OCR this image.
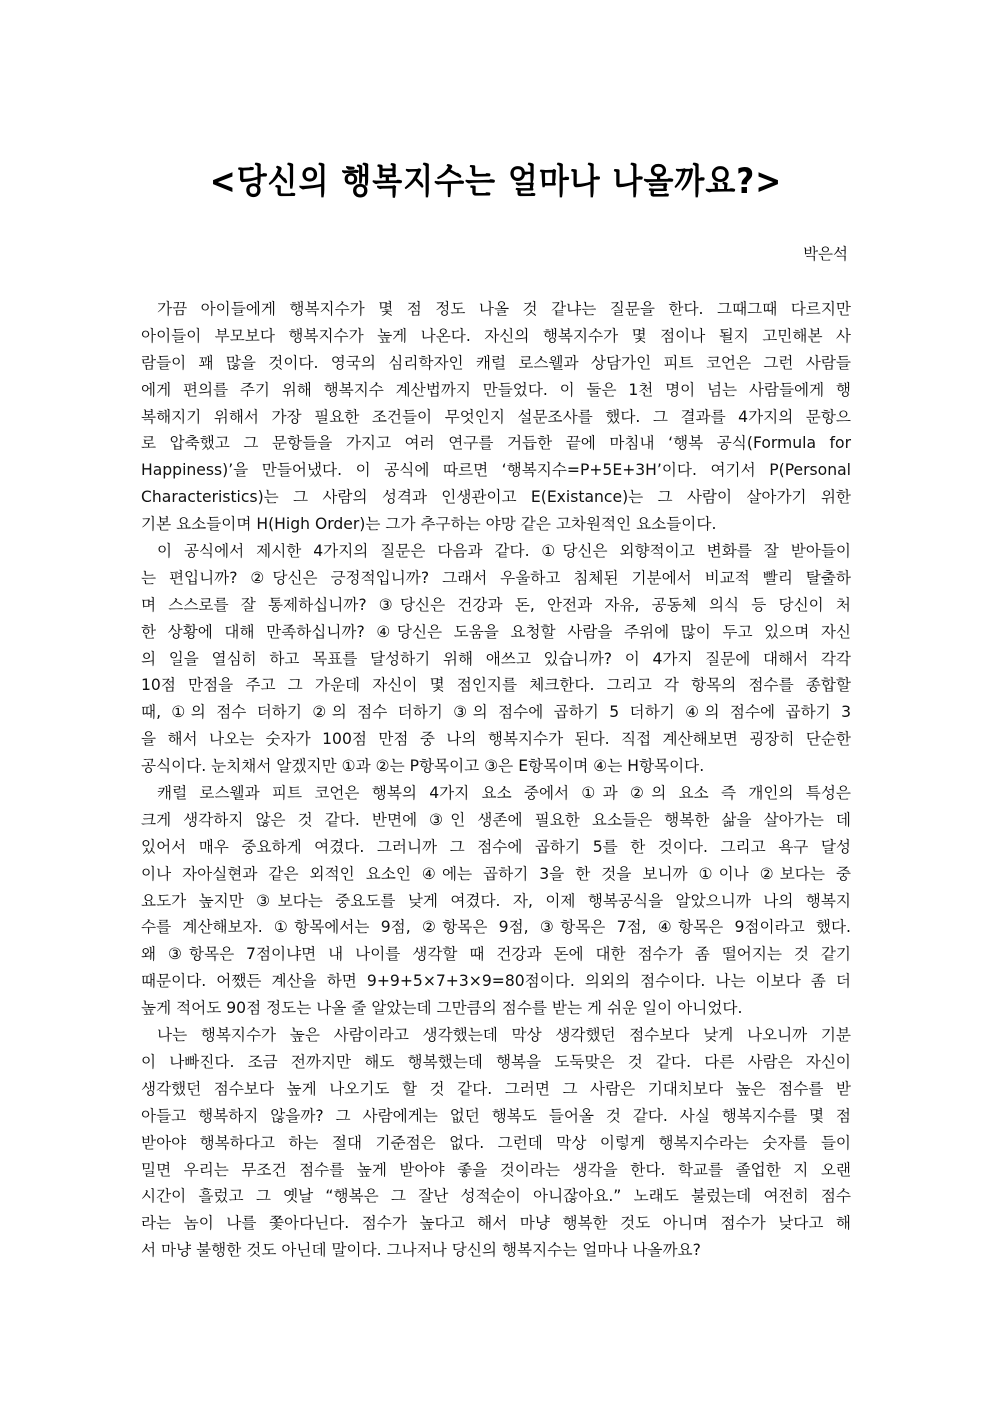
<당신의 행복지수는 얼마나 나올까요?>
박은석
가끔 아이들에게 행복지수가 몇 점 정도 나올 것 같냐는 질문을 한다. 그때그때 다르지만
아이들이 부모보다 행복지수가 높게 나온다. 자신의 행복지수가 몇 점이나 될지 고민해본 사
람들이 꽤 많을 것이다. 영국의 심리학자인 캐럴 로스웰과 상담가인 피트 코언은 그런 사람들
에게 편의를 주기 위해 행복지수 계산법까지 만들었다. 이 둘은 1천 명이 넘는 사람들에게 행
복해지기 위해서 가장 필요한 조건들이 무엇인지 설문조사를 했다. 그 결과를 4가지의 문항으
로 압축했고 그 문항들을 가지고 여러 연구를 거듭한 끝에 마침내 ‘행복 공식(Formula for
Happiness)’을 만들어냈다. 이 공식에 따르면 ‘행복지수=P+5E+3H’이다. 여기서 P(Personal
Characteristics)는 그 사람의 성격과 인생관이고 E(Existance)는 그 사람이 살아가기 위한
기본 요소들이며 H(High Order)는 그가 추구하는 야망 같은 고차원적인 요소들이다.
이 공식에서 제시한 4가지의 질문은 다음과 같다. ①당신은 외향적이고 변화를 잘 받아들이
는 편입니까? ②당신은 긍정적입니까? 그래서 우울하고 침체된 기분에서 비교적 빨리 탈출하
며 스스로를 잘 통제하십니까? ③당신은 건강과 돈, 안전과 자유, 공동체 의식 등 당신이 처
한 상황에 대해 만족하십니까? ④당신은 도움을 요청할 사람을 주위에 많이 두고 있으며 자신
의 일을 열심히 하고 목표를 달성하기 위해 애쓰고 있습니까? 이 4가지 질문에 대해서 각각
10점 만점을 주고 그 가운데 자신이 몇 점인지를 체크한다. 그리고 각 항목의 점수를 종합할
때, ①의 점수 더하기 ②의 점수 더하기 ③의 점수에 곱하기 5 더하기 ④의 점수에 곱하기 3
을 해서 나오는 숫자가 100점 만점 중 나의 행복지수가 된다. 직접 계산해보면 굉장히 단순한
공식이다. 눈치채서 알겠지만 ①과 ②는 P항목이고 ③은 E항목이며 ④는 H항목이다.
캐럴 로스웰과 피트 코언은 행복의 4가지 요소 중에서 ①과 ②의 요소 즉 개인의 특성은
크게 생각하지 않은 것 같다. 반면에 ③인 생존에 필요한 요소들은 행복한 삶을 살아가는 데
있어서 매우 중요하게 여겼다. 그러니까 그 점수에 곱하기 5를 한 것이다. 그리고 욕구 달성
이나 자아실현과 같은 외적인 요소인 ④에는 곱하기 3을 한 것을 보니까 ①이나 ②보다는 중
요도가 높지만 ③보다는 중요도를 낮게 여겼다. 자, 이제 행복공식을 알았으니까 나의 행복지
수를 계산해보자. ①항목에서는 9점, ②항목은 9점, ③항목은 7점, ④항목은 9점이라고 했다.
왜 ③항목은 7점이냐면 내 나이를 생각할 때 건강과 돈에 대한 점수가 좀 떨어지는 것 같기
때문이다. 어쨌든 계산을 하면 9+9+5×7+3×9=80점이다. 의외의 점수이다. 나는 이보다 좀 더
높게 적어도 90점 정도는 나올 줄 알았는데 그만큼의 점수를 받는 게 쉬운 일이 아니었다.
나는 행복지수가 높은 사람이라고 생각했는데 막상 생각했던 점수보다 낮게 나오니까 기분
이 나빠진다. 조금 전까지만 해도 행복했는데 행복을 도둑맞은 것 같다. 다른 사람은 자신이
생각했던 점수보다 높게 나오기도 할 것 같다. 그러면 그 사람은 기대치보다 높은 점수를 받
아들고 행복하지 않을까? 그 사람에게는 없던 행복도 들어올 것 같다. 사실 행복지수를 몇 점
받아야 행복하다고 하는 절대 기준점은 없다. 그런데 막상 이렇게 행복지수라는 숫자를 들이
밀면 우리는 무조건 점수를 높게 받아야 좋을 것이라는 생각을 한다. 학교를 졸업한 지 오랜
시간이 흘렀고 그 옛날 “행복은 그 잘난 성적순이 아니잖아요.” 노래도 불렀는데 여전히 점수
라는 놈이 나를 쫓아다닌다. 점수가 높다고 해서 마냥 행복한 것도 아니며 점수가 낮다고 해
서 마냥 불행한 것도 아닌데 말이다. 그나저나 당신의 행복지수는 얼마나 나올까요?
